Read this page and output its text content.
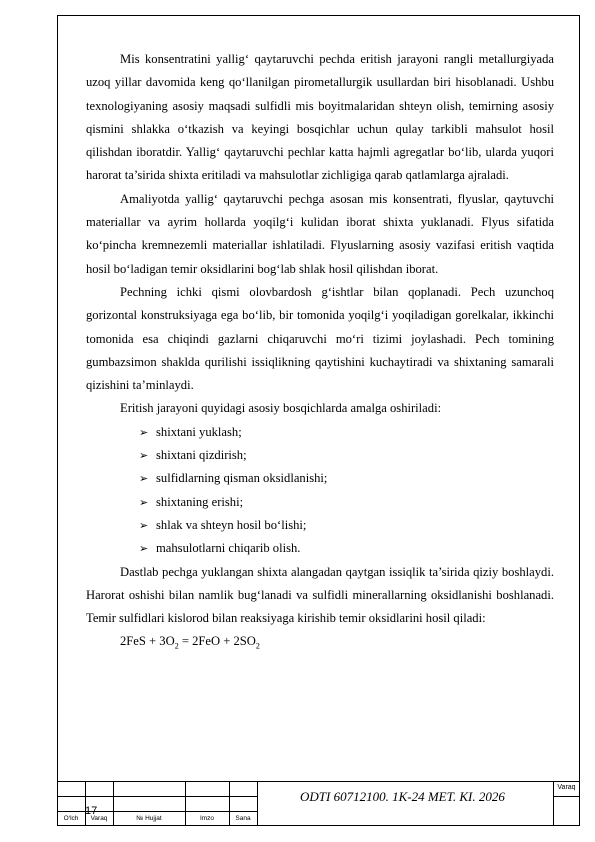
Mis konsentratini yallig‘ qaytaruvchi pechda eritish jarayoni rangli metallurgiyada uzoq yillar davomida keng qo‘llanilgan pirometallurgik usullardan biri hisoblanadi. Ushbu texnologiyaning asosiy maqsadi sulfidli mis boyitmalaridan shteyn olish, temirning asosiy qismini shlakka o‘tkazish va keyingi bosqichlar uchun qulay tarkibli mahsulot hosil qilishdan iboratdir. Yallig‘ qaytaruvchi pechlar katta hajmli agregatlar bo‘lib, ularda yuqori harorat ta’sirida shixta eritiladi va mahsulotlar zichligiga qarab qatlamlarga ajraladi.

Amaliyotda yallig‘ qaytaruvchi pechga asosan mis konsentrati, flyuslar, qaytuvchi materiallar va ayrim hollarda yoqilg‘i kulidan iborat shixta yuklanadi. Flyus sifatida ko‘pincha kremnezemli materiallar ishlatiladi. Flyuslarning asosiy vazifasi eritish vaqtida hosil bo‘ladigan temir oksidlarini bog‘lab shlak hosil qilishdan iborat.

Pechning ichki qismi olovbardosh g‘ishtlar bilan qoplanadi. Pech uzunchoq gorizontal konstruksiyaga ega bo‘lib, bir tomonida yoqilg‘i yoqiladigan gorelkalar, ikkinchi tomonida esa chiqindi gazlarni chiqaruvchi mo‘ri tizimi joylashadi. Pech tomining gumbazsimon shaklda qurilishi issiqlikning qaytishini kuchaytiradi va shixtaning samarali qizishini ta’minlaydi.

Eritish jarayoni quyidagi asosiy bosqichlarda amalga oshiriladi:

➢ shixtani yuklash;
➢ shixtani qizdirish;
➢ sulfidlarning qisman oksidlanishi;
➢ shixtaning erishi;
➢ shlak va shteyn hosil bo‘lishi;
➢ mahsulotlarni chiqarib olish.

Dastlab pechga yuklangan shixta alangadan qaytgan issiqlik ta’sirida qiziy boshlaydi. Harorat oshishi bilan namlik bug‘lanadi va sulfidli minerallarning oksidlanishi boshlanadi. Temir sulfidlari kislorod bilan reaksiyaga kirishib temir oksidlarini hosil qiladi:

$2FeS + 3O_2 = 2FeO + 2SO_2$
17
ODTI 60712100. 1K-24 MET. KI. 2026
Varaq
O‘lch	Varaq	№ Hujjat	Imzo	Sana
